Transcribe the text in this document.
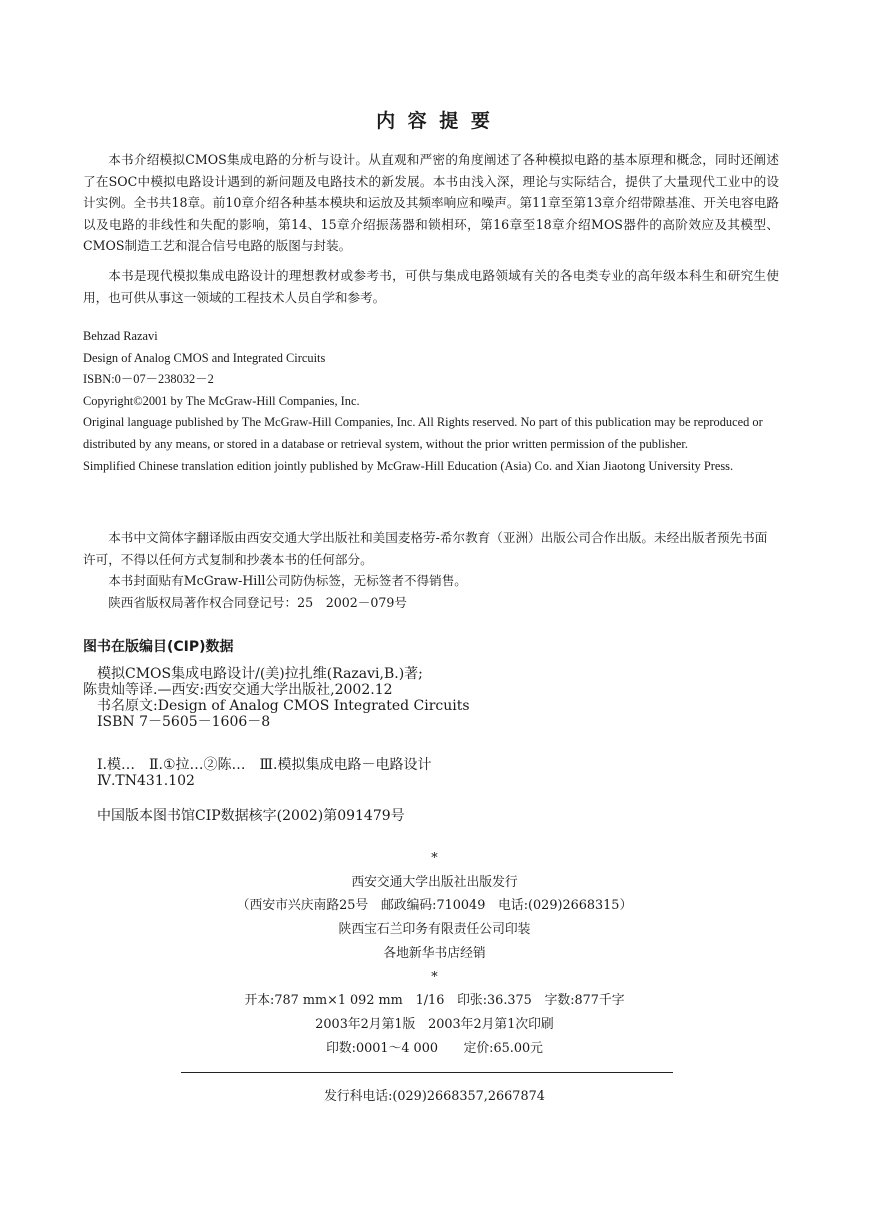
内 容 提 要
本书介绍模拟CMOS集成电路的分析与设计。从直观和严密的角度阐述了各种模拟电路的基本原理和概念，同时还阐述了在SOC中模拟电路设计遇到的新问题及电路技术的新发展。本书由浅入深，理论与实际结合，提供了大量现代工业中的设计实例。全书共18章。前10章介绍各种基本模块和运放及其频率响应和噪声。第11章至第13章介绍带隙基准、开关电容电路以及电路的非线性和失配的影响，第14、15章介绍振荡器和锁相环，第16章至18章介绍MOS器件的高阶效应及其模型、CMOS制造工艺和混合信号电路的版图与封装。
本书是现代模拟集成电路设计的理想教材或参考书，可供与集成电路领域有关的各电类专业的高年级本科生和研究生使用，也可供从事这一领域的工程技术人员自学和参考。
Behzad Razavi
Design of Analog CMOS and Integrated Circuits
ISBN:0－07－238032－2
Copyright©2001 by The McGraw-Hill Companies, Inc.
Original language published by The McGraw-Hill Companies, Inc. All Rights reserved. No part of this publication may be reproduced or distributed by any means, or stored in a database or retrieval system, without the prior written permission of the publisher.
Simplified Chinese translation edition jointly published by McGraw-Hill Education (Asia) Co. and Xian Jiaotong University Press.
本书中文简体字翻译版由西安交通大学出版社和美国麦格劳-希尔教育（亚洲）出版公司合作出版。未经出版者预先书面许可，不得以任何方式复制和抄袭本书的任何部分。
本书封面贴有McGraw-Hill公司防伪标签，无标签者不得销售。
陕西省版权局著作权合同登记号：25　2002－079号
图书在版编目(CIP)数据
模拟CMOS集成电路设计/(美)拉扎维(Razavi,B.)著;
陈贵灿等译.—西安:西安交通大学出版社,2002.12
书名原文:Design of Analog CMOS Integrated Circuits
ISBN 7－5605－1606－8
Ⅰ.模…　Ⅱ.①拉…②陈…　Ⅲ.模拟集成电路－电路设计
Ⅳ.TN431.102
中国版本图书馆CIP数据核字(2002)第091479号
*
西安交通大学出版社出版发行
（西安市兴庆南路25号　邮政编码:710049　电话:(029)2668315）
陕西宝石兰印务有限责任公司印装
各地新华书店经销
*
开本:787 mm×1 092 mm　1/16　印张:36.375　字数:877千字
2003年2月第1版　2003年2月第1次印刷
印数:0001～4 000　　定价:65.00元
发行科电话:(029)2668357,2667874
